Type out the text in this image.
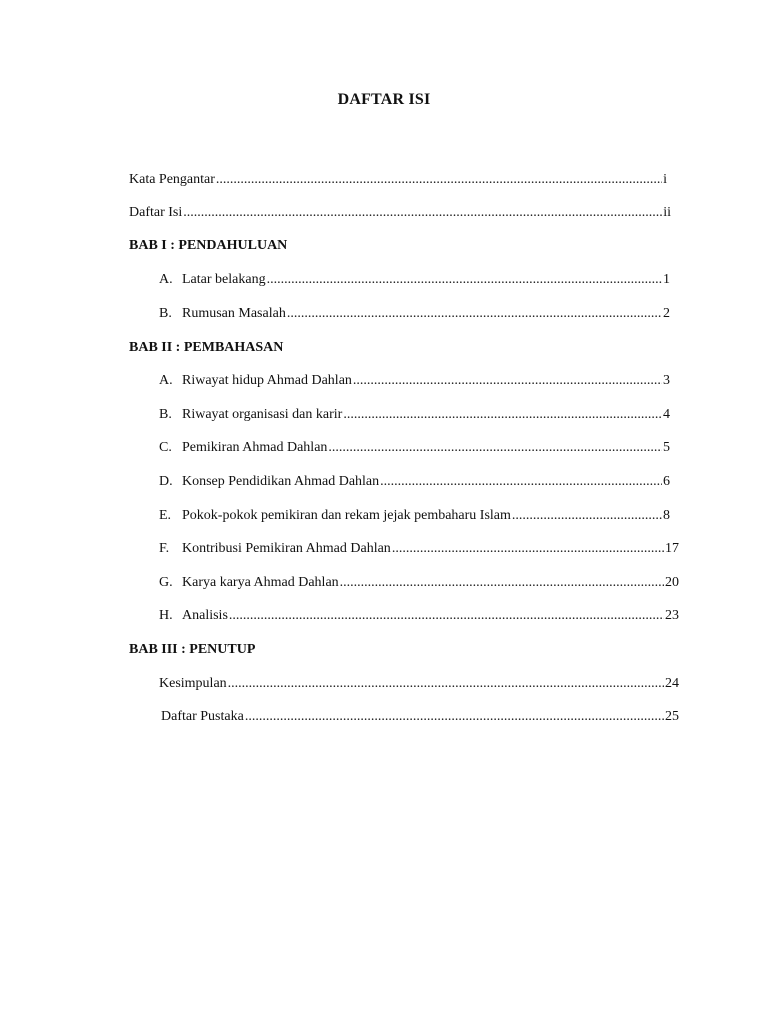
DAFTAR ISI
Kata Pengantar .....	i
Daftar Isi .....	ii
BAB I : PENDAHULUAN
A. Latar belakang .....	1
B. Rumusan Masalah .....	2
BAB II : PEMBAHASAN
A. Riwayat hidup Ahmad Dahlan .....	3
B. Riwayat organisasi dan karir .....	4
C. Pemikiran Ahmad Dahlan .....	5
D. Konsep Pendidikan Ahmad Dahlan .....	6
E. Pokok-pokok pemikiran dan rekam jejak pembaharu Islam .....	8
F. Kontribusi Pemikiran Ahmad Dahlan .....	17
G. Karya karya Ahmad Dahlan .....	20
H. Analisis .....	23
BAB III : PENUTUP
Kesimpulan .....	24
Daftar Pustaka .....	25
